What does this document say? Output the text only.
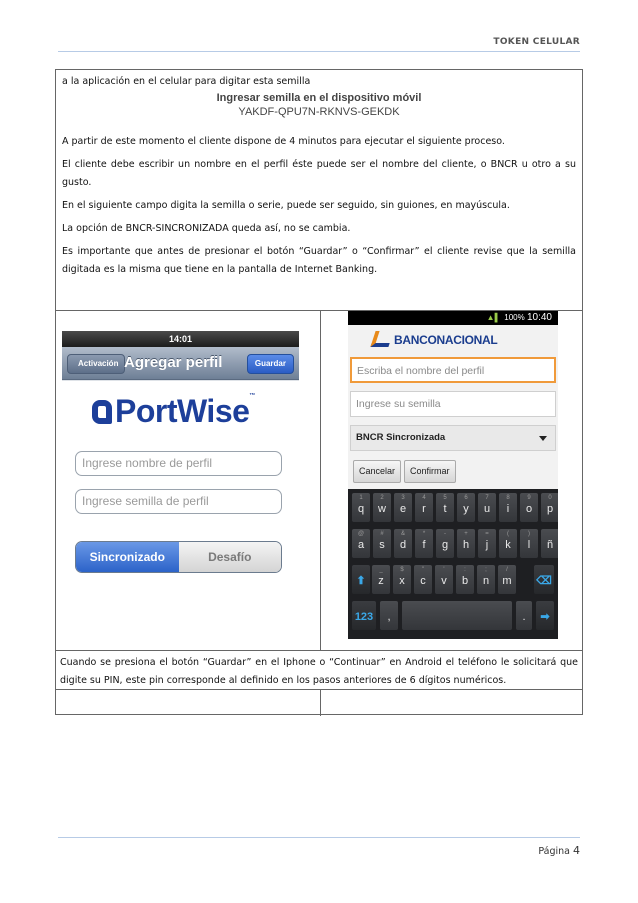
TOKEN CELULAR

a la aplicación en el celular para digitar esta semilla

Ingresar semilla en el dispositivo móvil
YAKDF-QPU7N-RKNVS-GEKDK

A partir de este momento el cliente dispone de 4 minutos para ejecutar el siguiente proceso.

El cliente debe escribir un nombre en el perfil éste puede ser el nombre del cliente, o BNCR u otro a su gusto.

En el siguiente campo digita la semilla o serie, puede ser seguido, sin guiones, en mayúscula.

La opción de BNCR-SINCRONIZADA queda así, no se cambia.

Es importante que antes de presionar el botón “Guardar” o “Confirmar” el cliente revise que la semilla digitada es la misma que tiene en la pantalla de Internet Banking.

14:01
Activación Agregar perfil	Guardar
PortWise™
Ingrese nombre de perfil
Ingrese semilla de perfil
Sincronizado	Desafío
▲▌ 100% 10:40
BANCONACIONAL
Escriba el nombre del perfil
Ingrese su semilla
BNCR Sincronizada
Cancelar	Confirmar
1
q
2
w
3
e
4
r
5
t
6
y
7
u
8
i
9
o
0
p
@
a
#
s
&
d
*
f
-
g
+
h
=
j
(
k
)
l	ñ
_
z
$
x
"
c
'
v
:
b
;
n
/
m
⬆	⌫
123	,	.	➡

Cuando se presiona el botón “Guardar” en el Iphone o “Continuar” en Android el teléfono le solicitará que digite su PIN, este pin corresponde al definido en los pasos anteriores de 6 dígitos numéricos.

Página 4
